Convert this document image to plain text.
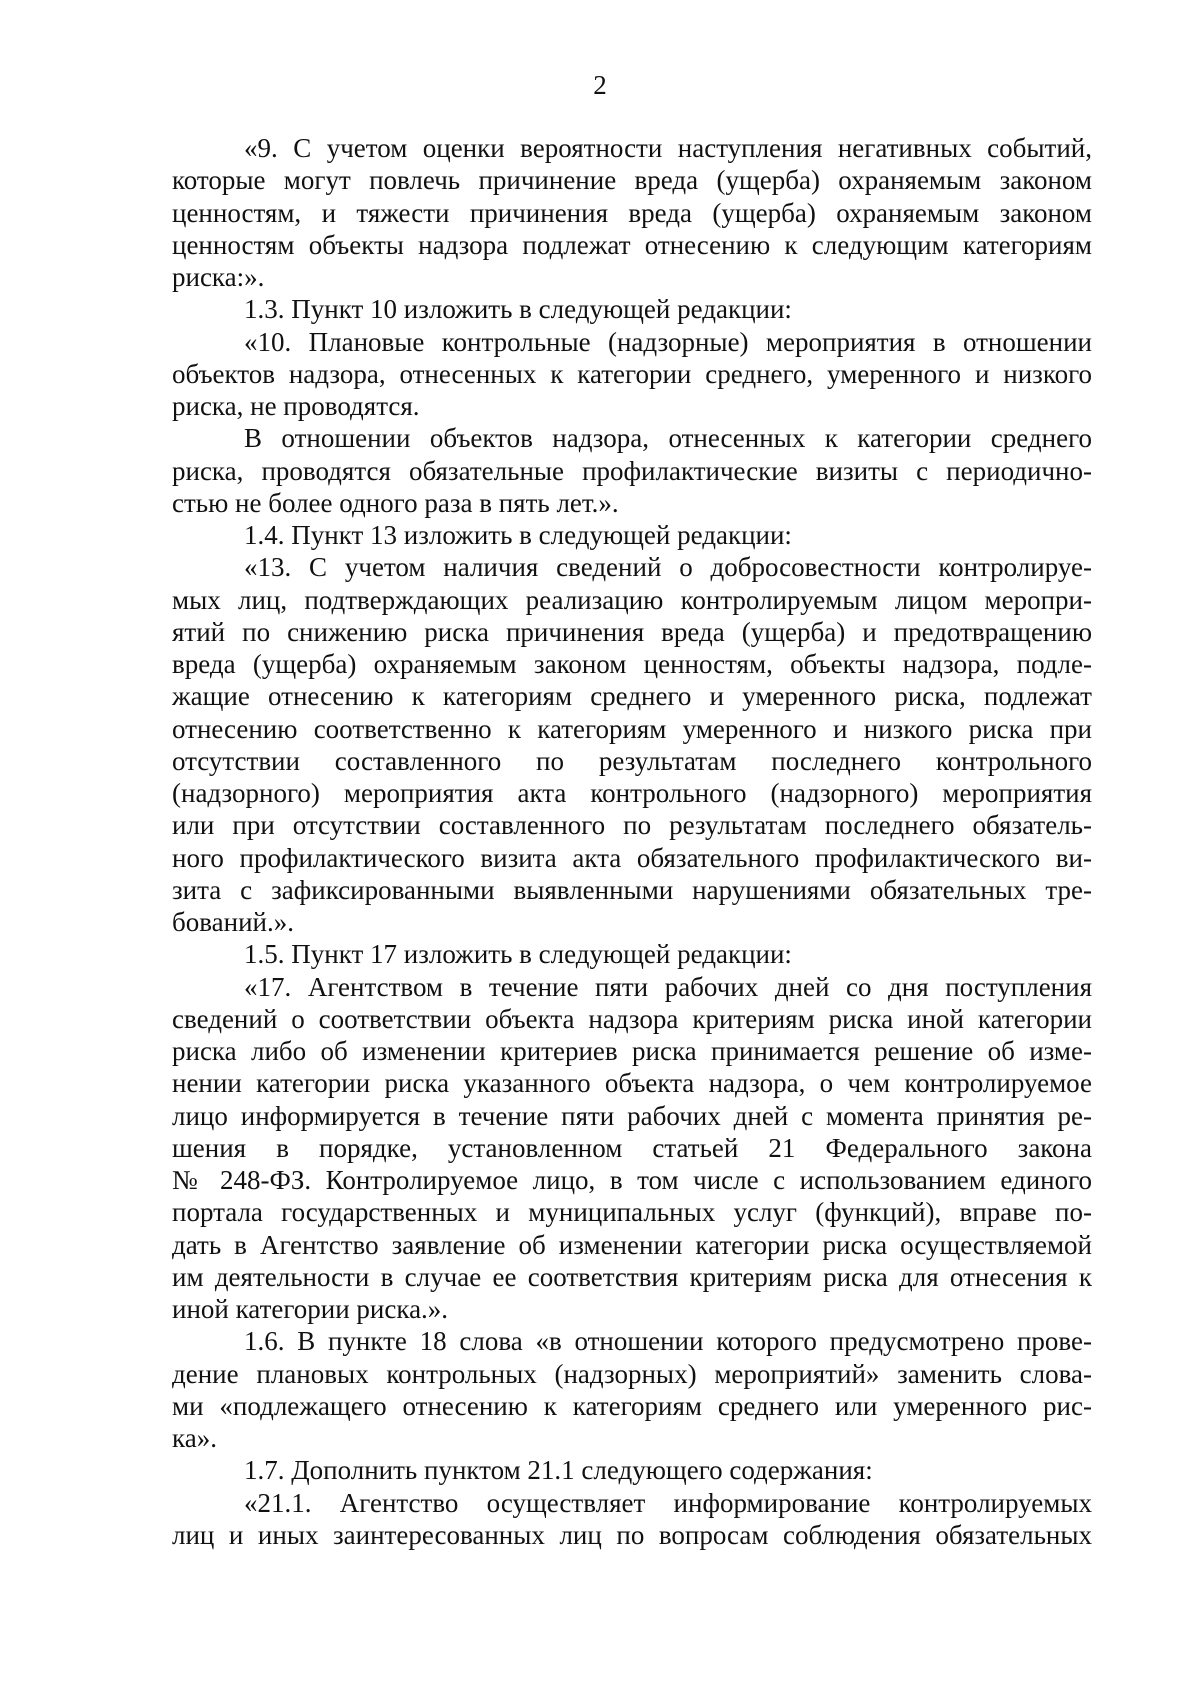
2
«9. С учетом оценки вероятности наступления негативных событий,
которые могут повлечь причинение вреда (ущерба) охраняемым законом
ценностям, и тяжести причинения вреда (ущерба) охраняемым законом
ценностям объекты надзора подлежат отнесению к следующим категориям
риска:».
1.3. Пункт 10 изложить в следующей редакции:
«10. Плановые контрольные (надзорные) мероприятия в отношении
объектов надзора, отнесенных к категории среднего, умеренного и низкого
риска, не проводятся.
В отношении объектов надзора, отнесенных к категории среднего
риска, проводятся обязательные профилактические визиты с периодично-
стью не более одного раза в пять лет.».
1.4. Пункт 13 изложить в следующей редакции:
«13. С учетом наличия сведений о добросовестности контролируе-
мых лиц, подтверждающих реализацию контролируемым лицом меропри-
ятий по снижению риска причинения вреда (ущерба) и предотвращению
вреда (ущерба) охраняемым законом ценностям, объекты надзора, подле-
жащие отнесению к категориям среднего и умеренного риска, подлежат
отнесению соответственно к категориям умеренного и низкого риска при
отсутствии составленного по результатам последнего контрольного
(надзорного) мероприятия акта контрольного (надзорного) мероприятия
или при отсутствии составленного по результатам последнего обязатель-
ного профилактического визита акта обязательного профилактического ви-
зита с зафиксированными выявленными нарушениями обязательных тре-
бований.».
1.5. Пункт 17 изложить в следующей редакции:
«17. Агентством в течение пяти рабочих дней со дня поступления
сведений о соответствии объекта надзора критериям риска иной категории
риска либо об изменении критериев риска принимается решение об изме-
нении категории риска указанного объекта надзора, о чем контролируемое
лицо информируется в течение пяти рабочих дней с момента принятия ре-
шения в порядке, установленном статьей 21 Федерального закона
№ 248-ФЗ. Контролируемое лицо, в том числе с использованием единого
портала государственных и муниципальных услуг (функций), вправе по-
дать в Агентство заявление об изменении категории риска осуществляемой
им деятельности в случае ее соответствия критериям риска для отнесения к
иной категории риска.».
1.6. В пункте 18 слова «в отношении которого предусмотрено прове-
дение плановых контрольных (надзорных) мероприятий» заменить слова-
ми «подлежащего отнесению к категориям среднего или умеренного рис-
ка».
1.7. Дополнить пунктом 21.1 следующего содержания:
«21.1. Агентство осуществляет информирование контролируемых
лиц и иных заинтересованных лиц по вопросам соблюдения обязательных
